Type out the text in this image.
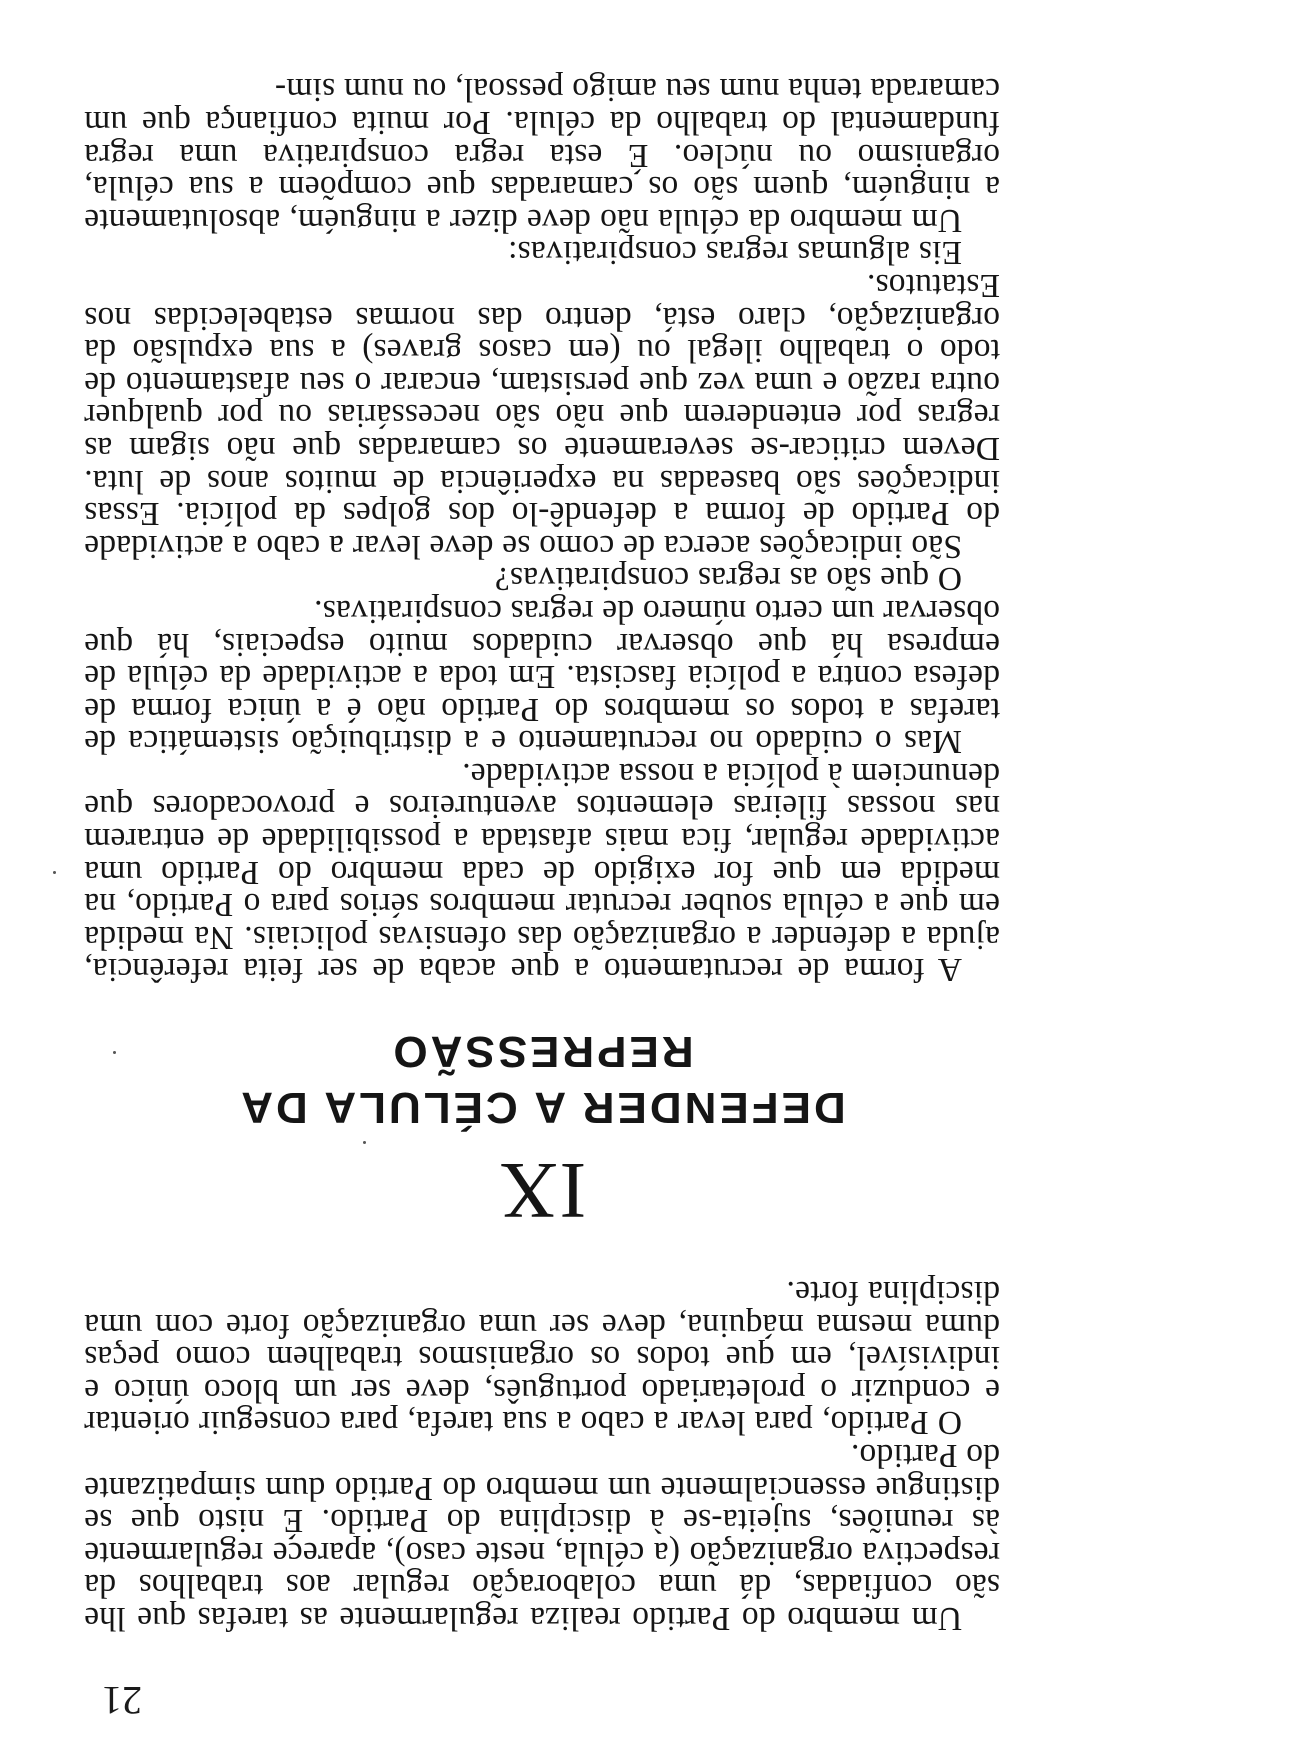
21

Um membro do Partido realiza regularmente as tarefas que lhe são confiadas, dá uma colaboração regular aos trabalhos da respectiva organização (a célula, neste caso), aparece regularmente às reuniões, sujeita-se à disciplina do Partido. É nisto que se distingue essencialmente um membro do Partido dum simpatizante do Partido.

O Partido, para levar a cabo a sua tarefa, para conseguir orientar e conduzir o proletariado português, deve ser um bloco único e indivisível, em que todos os organismos trabalhem como peças duma mesma máquina, deve ser uma organização forte com uma disciplina forte.

IX
DEFENDER A CÉLULA DA REPRESSÃO

A forma de recrutamento a que acaba de ser feita referência, ajuda a defender a organização das ofensivas policiais. Na medida em que a célula souber recrutar membros sérios para o Partido, na medida em que for exigido de cada membro do Partido uma actividade regular, fica mais afastada a possibilidade de entrarem nas nossas fileiras elementos aventureiros e provocadores que denunciem à polícia a nossa actividade.

Mas o cuidado no recrutamento e a distribuição sistemática de tarefas a todos os membros do Partido não é a única forma de defesa contra a polícia fascista. Em toda a actividade da célula de empresa há que observar cuidados muito especiais, há que observar um certo número de regras conspirativas.

O que são as regras conspirativas?

São indicações acerca de como se deve levar a cabo a actividade do Partido de forma a defendê-lo dos golpes da polícia. Essas indicações são baseadas na experiência de muitos anos de luta. Devem criticar-se severamente os camaradas que não sigam as regras por entenderem que não são necessárias ou por qualquer outra razão e uma vez que persistam, encarar o seu afastamento de todo o trabalho ilegal ou (em casos graves) a sua expulsão da organização, claro está, dentro das normas estabelecidas nos Estatutos.

Eis algumas regras conspirativas:

Um membro da célula não deve dizer a ninguém, absolutamente a ninguém, quem são os camaradas que compõem a sua célula, organismo ou núcleo. É esta regra conspirativa uma regra fundamental do trabalho da célula. Por muita confiança que um camarada tenha num seu amigo pessoal, ou num sim-
